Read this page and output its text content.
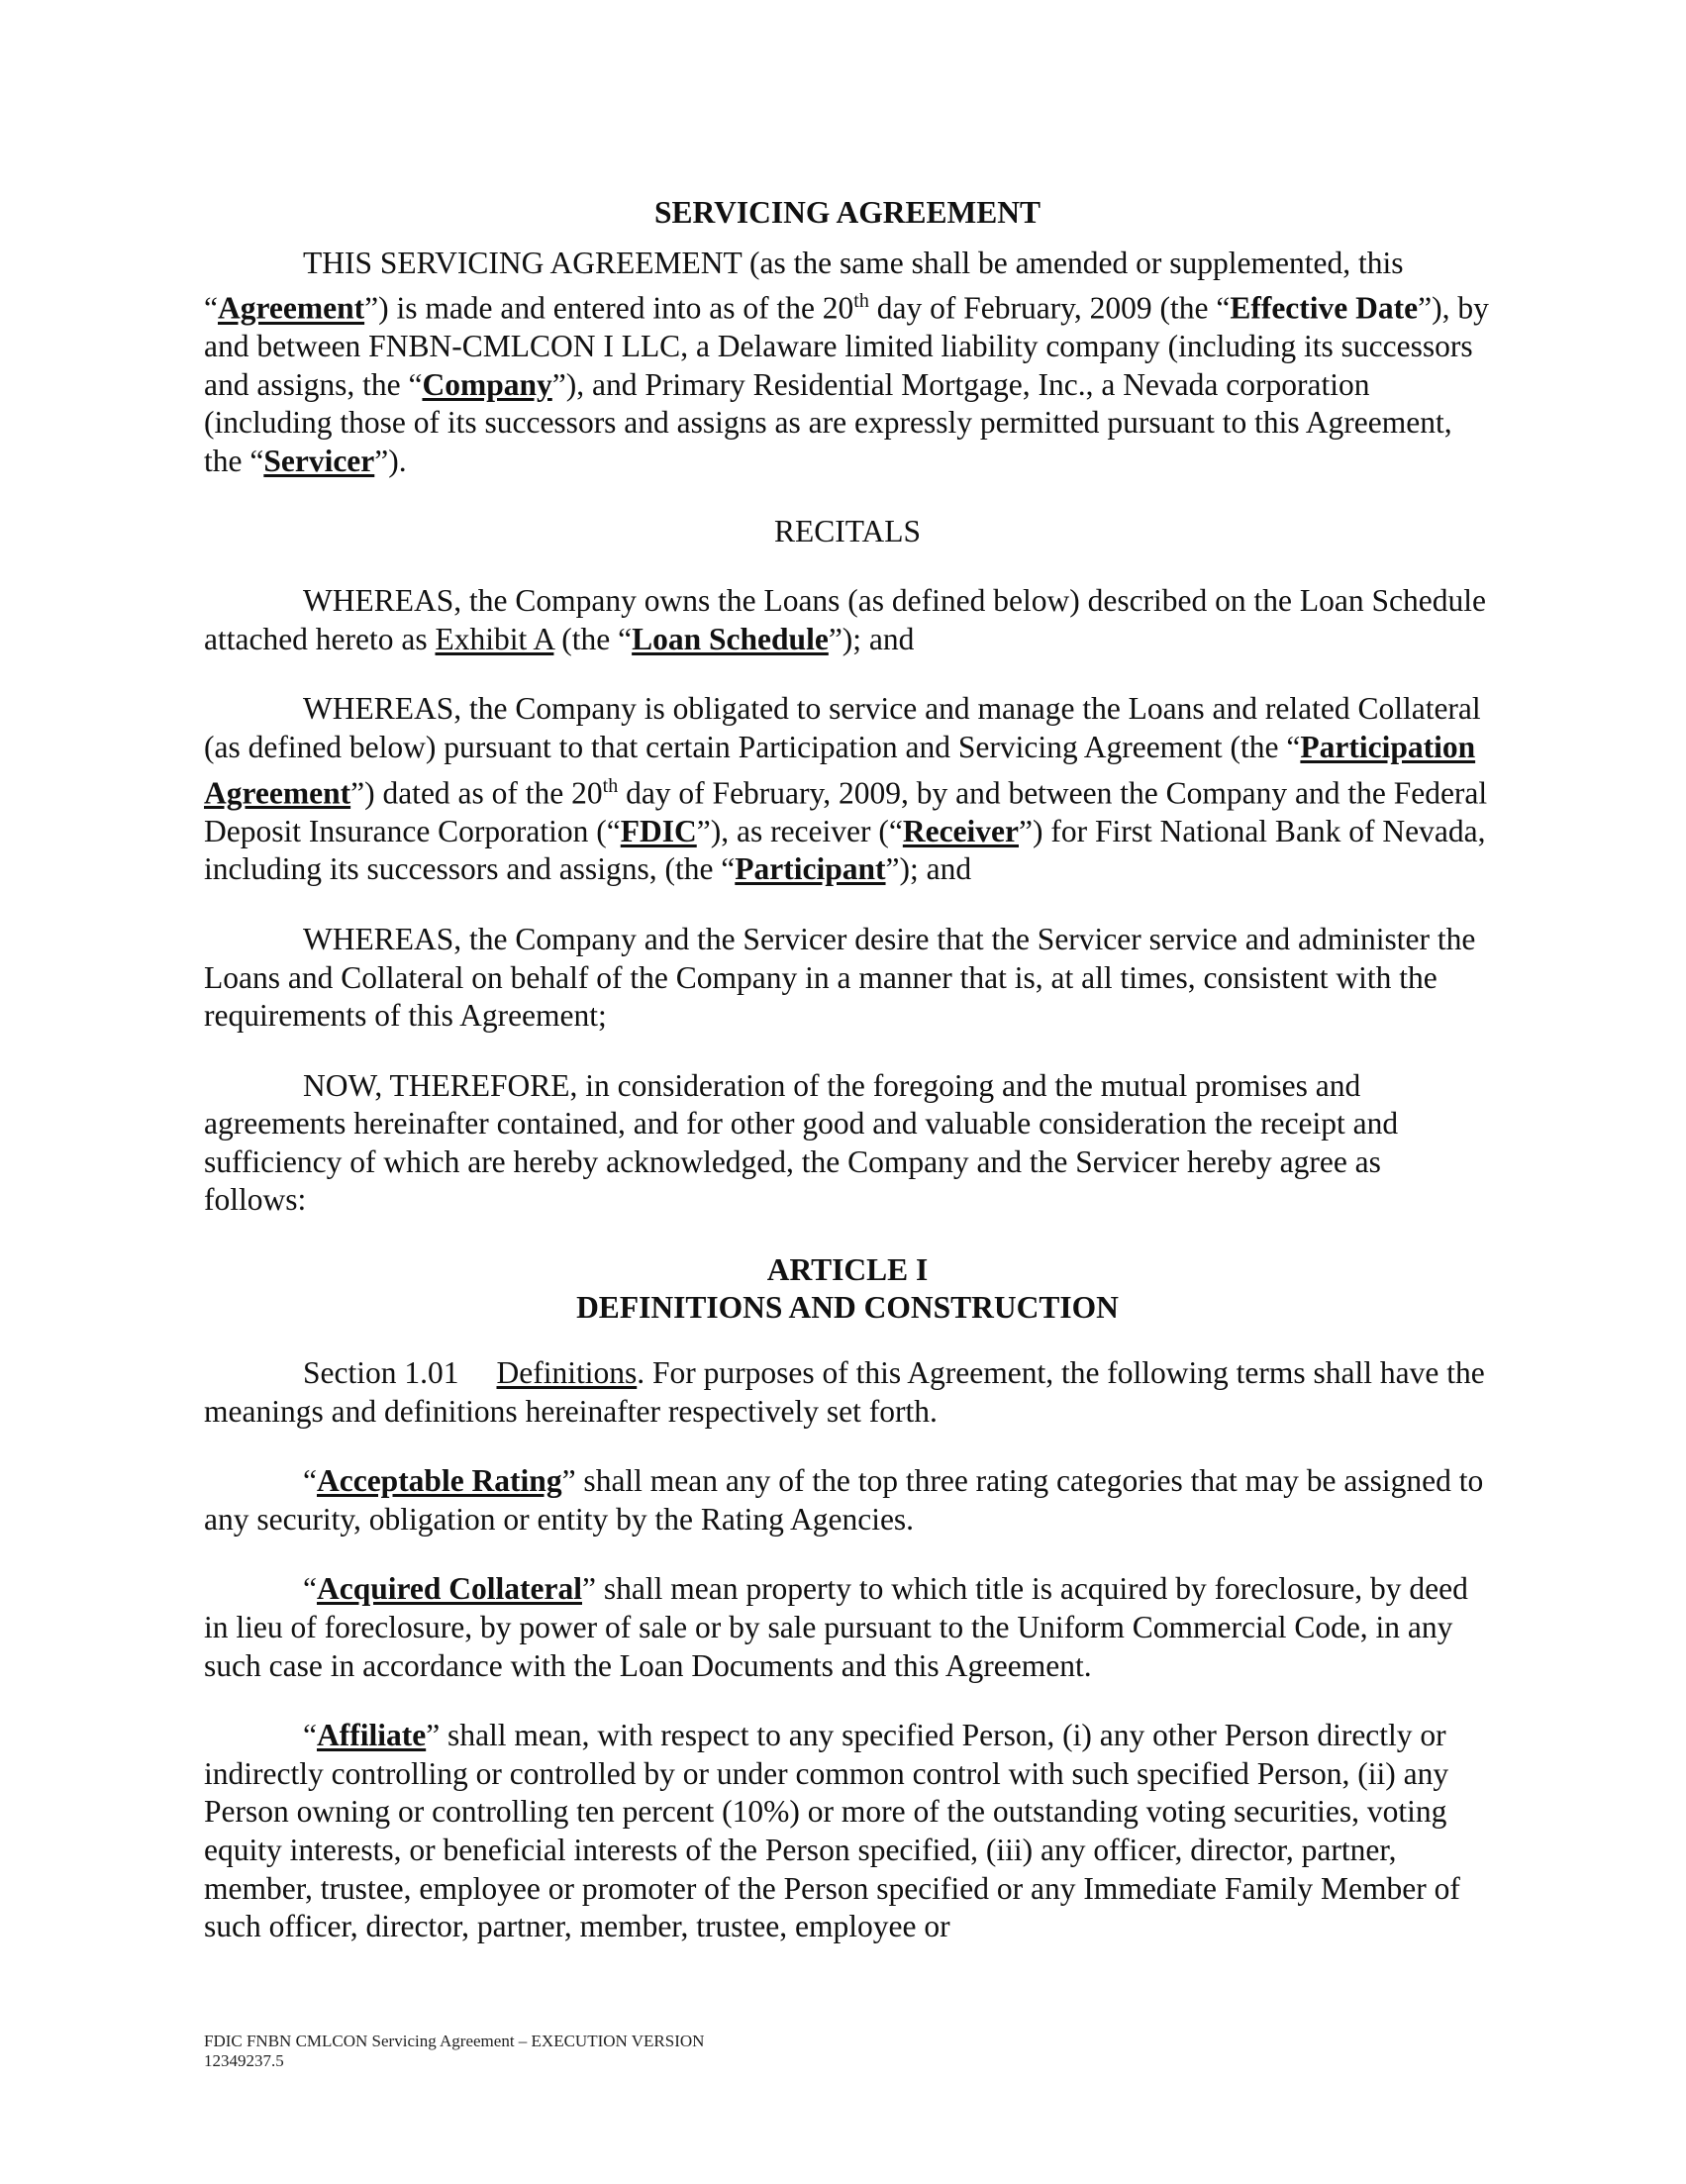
SERVICING AGREEMENT

THIS SERVICING AGREEMENT (as the same shall be amended or supplemented, this “Agreement”) is made and entered into as of the 20th day of February, 2009 (the “Effective Date”), by and between FNBN-CMLCON I LLC, a Delaware limited liability company (including its successors and assigns, the “Company”), and Primary Residential Mortgage, Inc., a Nevada corporation (including those of its successors and assigns as are expressly permitted pursuant to this Agreement, the “Servicer”).

RECITALS

WHEREAS, the Company owns the Loans (as defined below) described on the Loan Schedule attached hereto as Exhibit A (the “Loan Schedule”); and

WHEREAS, the Company is obligated to service and manage the Loans and related Collateral (as defined below) pursuant to that certain Participation and Servicing Agreement (the “Participation Agreement”) dated as of the 20th day of February, 2009, by and between the Company and the Federal Deposit Insurance Corporation (“FDIC”), as receiver (“Receiver”) for First National Bank of Nevada, including its successors and assigns, (the “Participant”); and

WHEREAS, the Company and the Servicer desire that the Servicer service and administer the Loans and Collateral on behalf of the Company in a manner that is, at all times, consistent with the requirements of this Agreement;

NOW, THEREFORE, in consideration of the foregoing and the mutual promises and agreements hereinafter contained, and for other good and valuable consideration the receipt and sufficiency of which are hereby acknowledged, the Company and the Servicer hereby agree as follows:

ARTICLE I
DEFINITIONS AND CONSTRUCTION

Section 1.01 Definitions. For purposes of this Agreement, the following terms shall have the meanings and definitions hereinafter respectively set forth.

“Acceptable Rating” shall mean any of the top three rating categories that may be assigned to any security, obligation or entity by the Rating Agencies.

“Acquired Collateral” shall mean property to which title is acquired by foreclosure, by deed in lieu of foreclosure, by power of sale or by sale pursuant to the Uniform Commercial Code, in any such case in accordance with the Loan Documents and this Agreement.

“Affiliate” shall mean, with respect to any specified Person, (i) any other Person directly or indirectly controlling or controlled by or under common control with such specified Person, (ii) any Person owning or controlling ten percent (10%) or more of the outstanding voting securities, voting equity interests, or beneficial interests of the Person specified, (iii) any officer, director, partner, member, trustee, employee or promoter of the Person specified or any Immediate Family Member of such officer, director, partner, member, trustee, employee or

FDIC FNBN CMLCON Servicing Agreement – EXECUTION VERSION
12349237.5
